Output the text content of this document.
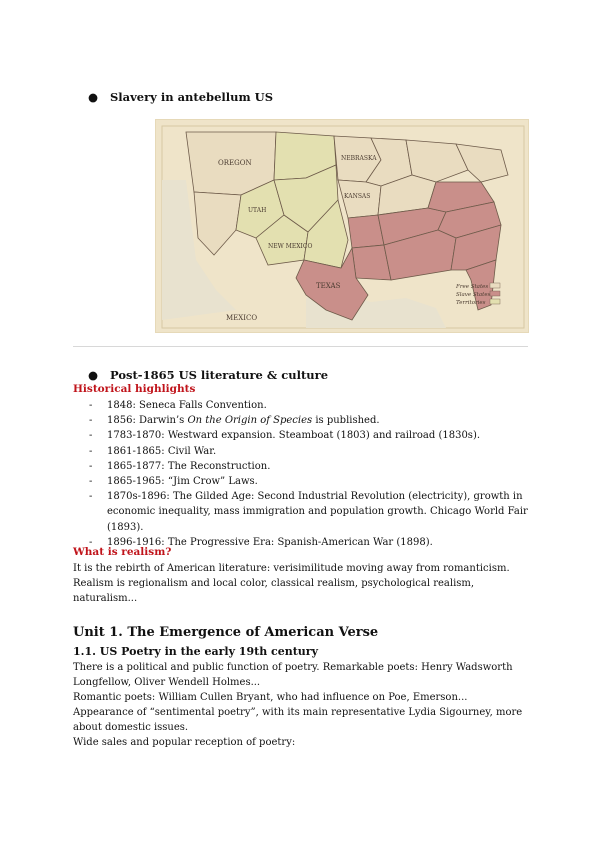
● Slavery in antebellum US
OREGON
NEBRASKA
KANSAS
UTAH
NEW MEXICO
TEXAS
MEXICO
Free States
Slave States
Territories
● Post-1865 US literature & culture
Historical highlights
- 1848: Seneca Falls Convention.
- 1856: Darwin’s On the Origin of Species is published.
- 1783-1870: Westward expansion. Steamboat (1803) and railroad (1830s).
- 1861-1865: Civil War.
- 1865-1877: The Reconstruction.
- 1865-1965: “Jim Crow” Laws.
- 1870s-1896: The Gilded Age: Second Industrial Revolution (electricity), growth in economic inequality, mass immigration and population growth. Chicago World Fair (1893).
- 1896-1916: The Progressive Era: Spanish-American War (1898).
What is realism?
It is the rebirth of American literature: verisimilitude moving away from romanticism. Realism is regionalism and local color, classical realism, psychological realism, naturalism...
Unit 1. The Emergence of American Verse
1.1. US Poetry in the early 19th century
There is a political and public function of poetry. Remarkable poets: Henry Wadsworth Longfellow, Oliver Wendell Holmes...
Romantic poets: William Cullen Bryant, who had influence on Poe, Emerson...
Appearance of “sentimental poetry”, with its main representative Lydia Sigourney, more about domestic issues.
Wide sales and popular reception of poetry:
